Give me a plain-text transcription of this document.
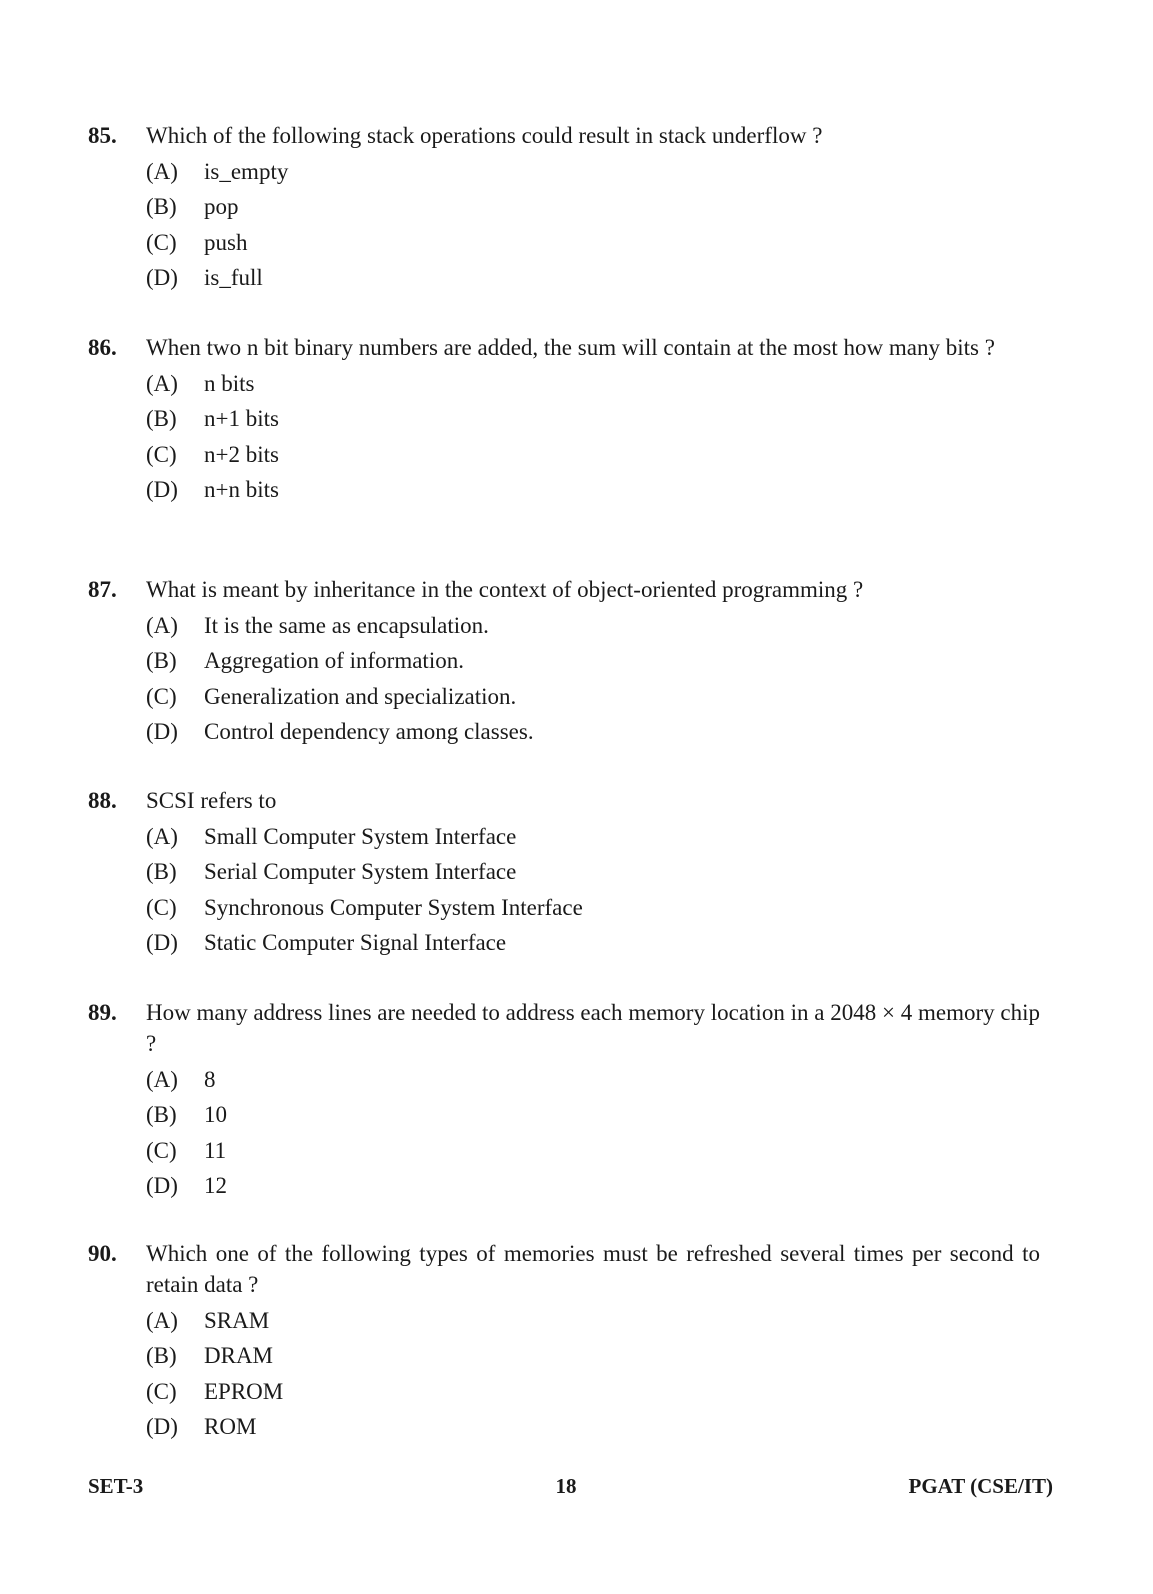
85.	Which of the following stack operations could result in stack underflow ?
(A)	is_empty
(B)	pop
(C)	push
(D)	is_full
86.	When two n bit binary numbers are added, the sum will contain at the most how many bits ?
(A)	n bits
(B)	n+1 bits
(C)	n+2 bits
(D)	n+n bits
87.	What is meant by inheritance in the context of object-oriented programming ?
(A)	It is the same as encapsulation.
(B)	Aggregation of information.
(C)	Generalization and specialization.
(D)	Control dependency among classes.
88.	SCSI refers to
(A)	Small Computer System Interface
(B)	Serial Computer System Interface
(C)	Synchronous Computer System Interface
(D)	Static Computer Signal Interface
89.	How many address lines are needed to address each memory location in a 2048 × 4 memory chip ?
(A)	8
(B)	10
(C)	11
(D)	12
90.	Which one of the following types of memories must be refreshed several times per second to retain data ?
(A)	SRAM
(B)	DRAM
(C)	EPROM
(D)	ROM
SET-3	18	PGAT (CSE/IT)
